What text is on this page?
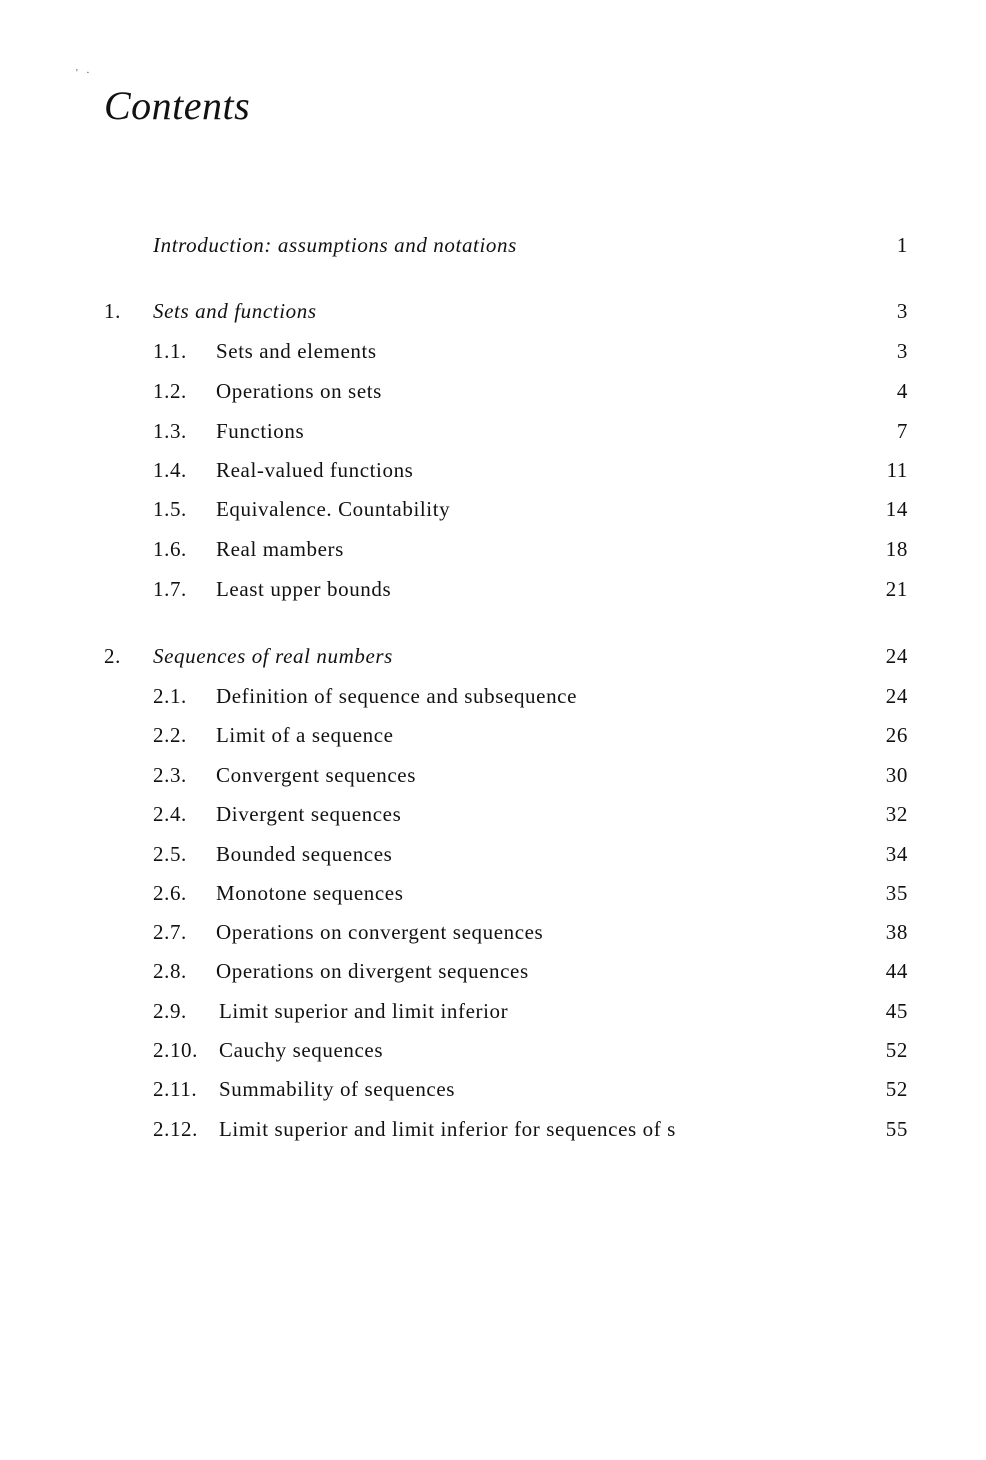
' ·
Contents
Introduction: assumptions and notations	1
1. Sets and functions	3
1.1. Sets and elements	3
1.2. Operations on sets	4
1.3. Functions	7
1.4. Real-valued functions	11
1.5. Equivalence. Countability	14
1.6. Real mambers	18
1.7. Least upper bounds	21
2. Sequences of real numbers	24
2.1. Definition of sequence and subsequence	24
2.2. Limit of a sequence	26
2.3. Convergent sequences	30
2.4. Divergent sequences	32
2.5. Bounded sequences	34
2.6. Monotone sequences	35
2.7. Operations on convergent sequences	38
2.8. Operations on divergent sequences	44
2.9. Limit superior and limit inferior	45
2.10. Cauchy sequences	52
2.11. Summability of sequences	52
2.12. Limit superior and limit inferior for sequences of s	55
